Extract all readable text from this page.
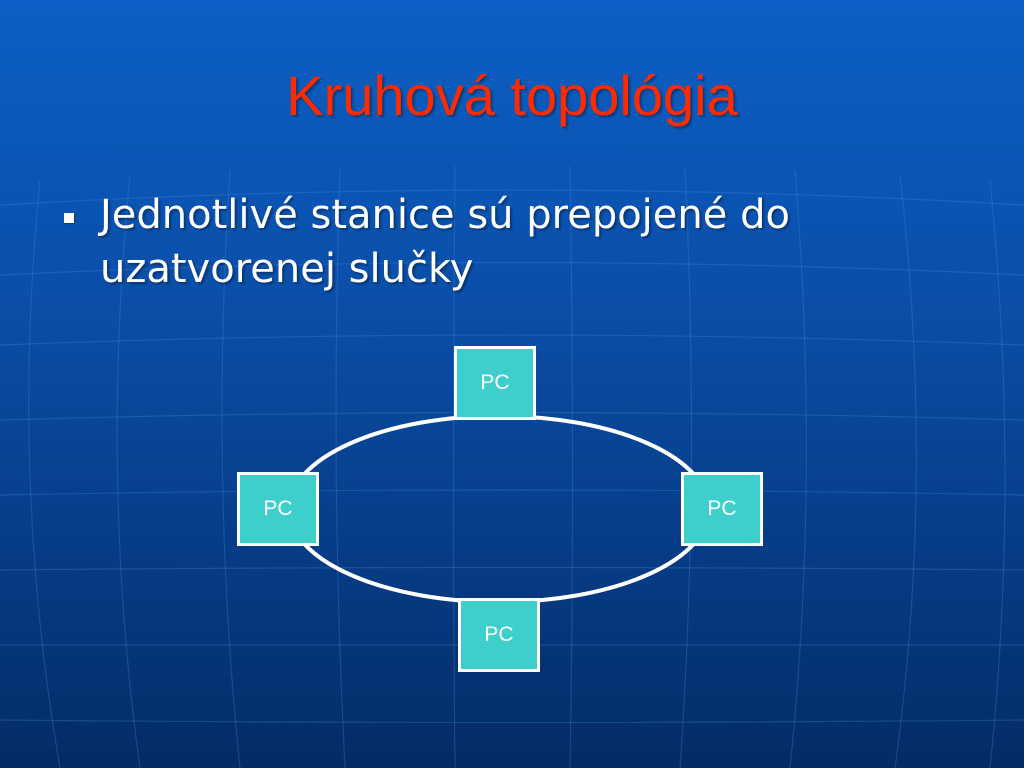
Kruhová topológia
Jednotlivé stanice sú prepojené do uzatvorenej slučky
PC
PC	PC
PC
